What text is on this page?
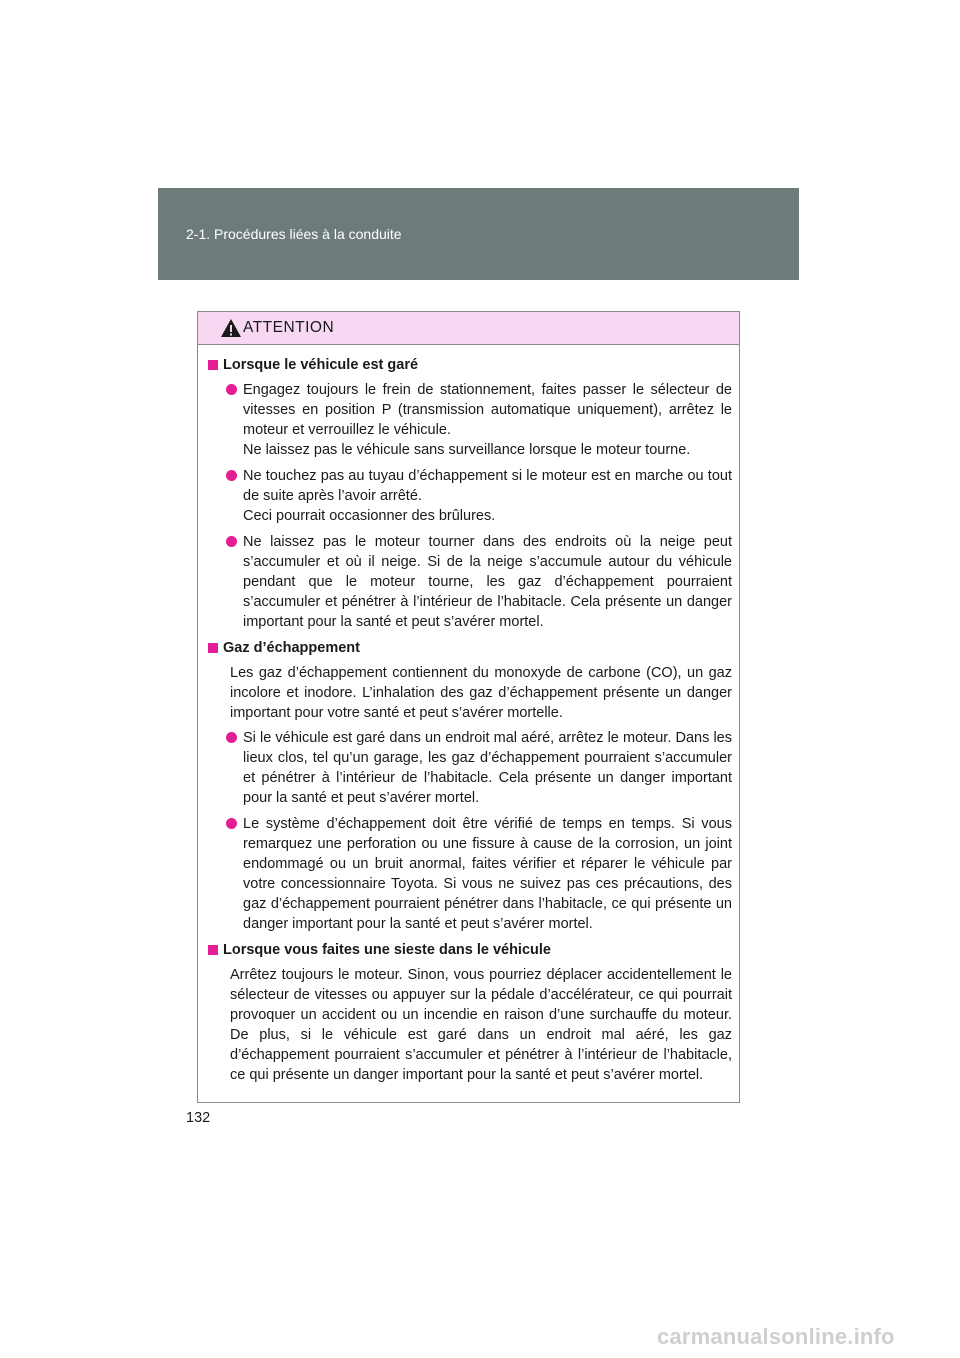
2-1. Procédures liées à la conduite
ATTENTION
Lorsque le véhicule est garé
Engagez toujours le frein de stationnement, faites passer le sélecteur de vitesses en position P (transmission automatique uniquement), arrêtez le moteur et verrouillez le véhicule.
Ne laissez pas le véhicule sans surveillance lorsque le moteur tourne.
Ne touchez pas au tuyau d’échappement si le moteur est en marche ou tout de suite après l’avoir arrêté.
Ceci pourrait occasionner des brûlures.
Ne laissez pas le moteur tourner dans des endroits où la neige peut s’accumuler et où il neige. Si de la neige s’accumule autour du véhicule pendant que le moteur tourne, les gaz d’échappement pourraient s’accumuler et pénétrer à l’intérieur de l’habitacle. Cela présente un danger important pour la santé et peut s’avérer mortel.
Gaz d’échappement
Les gaz d’échappement contiennent du monoxyde de carbone (CO), un gaz incolore et inodore. L’inhalation des gaz d’échappement présente un danger important pour votre santé et peut s’avérer mortelle.
Si le véhicule est garé dans un endroit mal aéré, arrêtez le moteur. Dans les lieux clos, tel qu’un garage, les gaz d’échappement pourraient s’accumuler et pénétrer à l’intérieur de l’habitacle. Cela présente un danger important pour la santé et peut s’avérer mortel.
Le système d’échappement doit être vérifié de temps en temps. Si vous remarquez une perforation ou une fissure à cause de la corrosion, un joint endommagé ou un bruit anormal, faites vérifier et réparer le véhicule par votre concessionnaire Toyota. Si vous ne suivez pas ces précautions, des gaz d’échappement pourraient pénétrer dans l’habitacle, ce qui présente un danger important pour la santé et peut s’avérer mortel.
Lorsque vous faites une sieste dans le véhicule
Arrêtez toujours le moteur. Sinon, vous pourriez déplacer accidentellement le sélecteur de vitesses ou appuyer sur la pédale d’accélérateur, ce qui pourrait provoquer un accident ou un incendie en raison d’une surchauffe du moteur. De plus, si le véhicule est garé dans un endroit mal aéré, les gaz d’échappement pourraient s’accumuler et pénétrer à l’intérieur de l’habitacle, ce qui présente un danger important pour la santé et peut s’avérer mortel.
132
carmanualsonline.info
